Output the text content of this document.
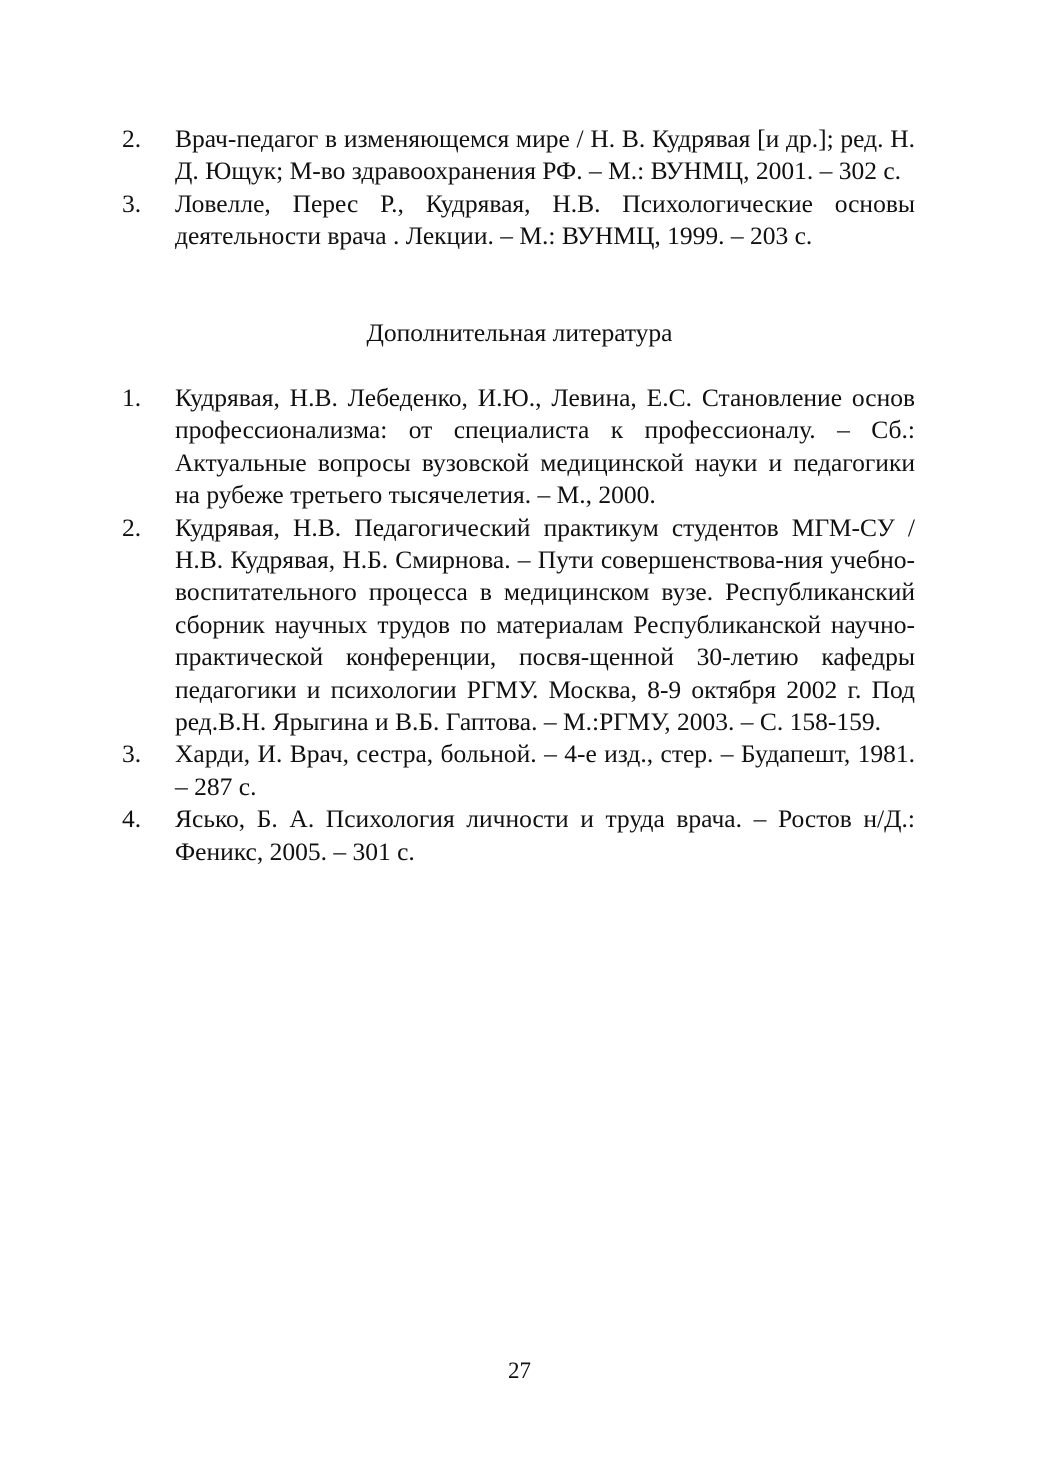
2.	Врач-педагог в изменяющемся мире / Н. В. Кудрявая [и др.]; ред. Н. Д. Ющук; М-во здравоохранения РФ. – М.: ВУНМЦ, 2001. – 302 с.
3.	Ловелле, Перес Р., Кудрявая, Н.В. Психологические основы деятельности врача . Лекции. – М.: ВУНМЦ, 1999. – 203 с.
Дополнительная литература
1.	Кудрявая, Н.В. Лебеденко, И.Ю., Левина, Е.С. Становление основ профессионализма: от специалиста к профессионалу. – Сб.: Актуальные вопросы вузовской медицинской науки и педагогики на рубеже третьего тысячелетия. – М., 2000.
2.	Кудрявая, Н.В. Педагогический практикум студентов МГМ-СУ / Н.В. Кудрявая, Н.Б. Смирнова. – Пути совершенствова-ния учебно-воспитательного процесса в медицинском вузе. Республиканский сборник научных трудов по материалам Республиканской научно-практической конференции, посвя-щенной 30-летию кафедры педагогики и психологии РГМУ. Москва, 8-9 октября 2002 г. Под ред.В.Н. Ярыгина и В.Б. Гаптова. – М.:РГМУ, 2003. – С. 158-159.
3.	Харди, И. Врач, сестра, больной. – 4-е изд., стер. – Будапешт, 1981. – 287 с.
4.	Ясько, Б. А. Психология личности и труда врача. – Ростов н/Д.: Феникс, 2005. – 301 с.
27
